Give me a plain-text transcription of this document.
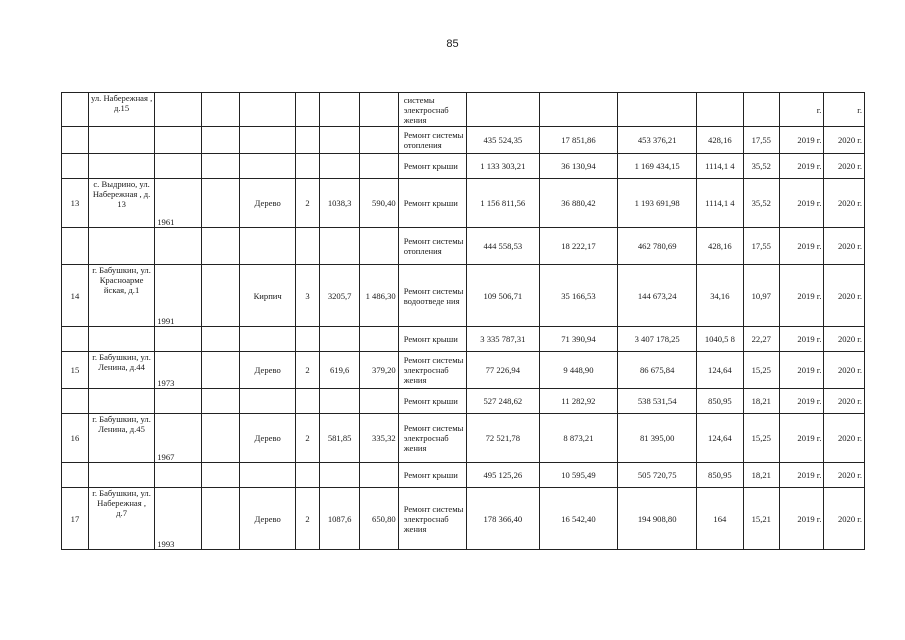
85
	ул. Набережная , д.15							системы электроснаб жения						г.	г.
								Ремонт системы отопления	435 524,35	17 851,86	453 376,21	428,16	17,55	2019 г.	2020 г.
								Ремонт крыши	1 133 303,21	36 130,94	1 169 434,15	1114,1 4	35,52	2019 г.	2020 г.
13	с. Выдрино, ул. Набережная , д. 13	1961		Дерево	2	1038,3	590,40	Ремонт крыши	1 156 811,56	36 880,42	1 193 691,98	1114,1 4	35,52	2019 г.	2020 г.
								Ремонт системы отопления	444 558,53	18 222,17	462 780,69	428,16	17,55	2019 г.	2020 г.
14	г. Бабушкин, ул. Красноарме йская, д.1	1991		Кирпич	3	3205,7	1 486,30	Ремонт системы водоотведе ния	109 506,71	35 166,53	144 673,24	34,16	10,97	2019 г.	2020 г.
								Ремонт крыши	3 335 787,31	71 390,94	3 407 178,25	1040,5 8	22,27	2019 г.	2020 г.
15	г. Бабушкин, ул. Ленина, д.44	1973		Дерево	2	619,6	379,20	Ремонт системы электроснаб жения	77 226,94	9 448,90	86 675,84	124,64	15,25	2019 г.	2020 г.
								Ремонт крыши	527 248,62	11 282,92	538 531,54	850,95	18,21	2019 г.	2020 г.
16	г. Бабушкин, ул. Ленина, д.45	1967		Дерево	2	581,85	335,32	Ремонт системы электроснаб жения	72 521,78	8 873,21	81 395,00	124,64	15,25	2019 г.	2020 г.
								Ремонт крыши	495 125,26	10 595,49	505 720,75	850,95	18,21	2019 г.	2020 г.
17	г. Бабушкин, ул. Набережная , д.7	1993		Дерево	2	1087,6	650,80	Ремонт системы электроснаб жения	178 366,40	16 542,40	194 908,80	164	15,21	2019 г.	2020 г.
